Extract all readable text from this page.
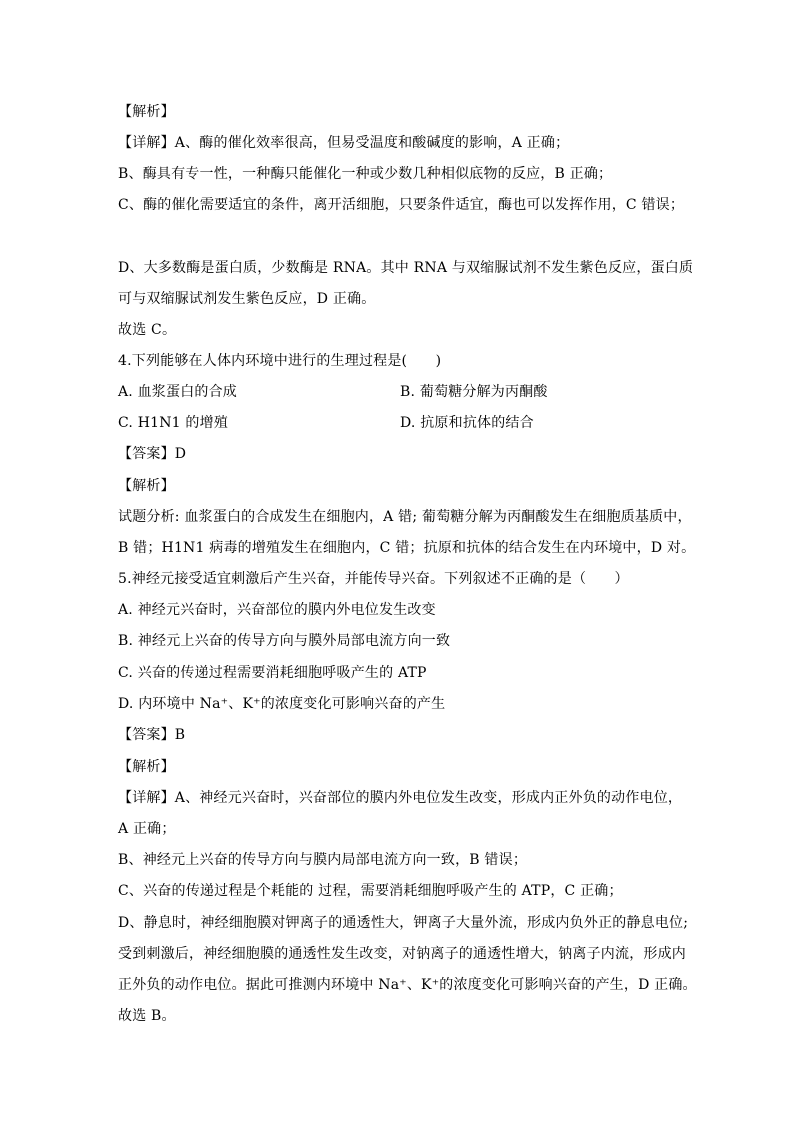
【解析】
【详解】A、酶的催化效率很高，但易受温度和酸碱度的影响，A 正确；
B、酶具有专一性，一种酶只能催化一种或少数几种相似底物的反应，B 正确；
C、酶的催化需要适宜的条件，离开活细胞，只要条件适宜，酶也可以发挥作用，C 错误；
D、大多数酶是蛋白质，少数酶是 RNA。其中 RNA 与双缩脲试剂不发生紫色反应，蛋白质
可与双缩脲试剂发生紫色反应，D 正确。
故选 C。
4.下列能够在人体内环境中进行的生理过程是(　　)
A. 血浆蛋白的合成	B. 葡萄糖分解为丙酮酸
C. H1N1 的增殖	D. 抗原和抗体的结合
【答案】D
【解析】
试题分析: 血浆蛋白的合成发生在细胞内，A 错; 葡萄糖分解为丙酮酸发生在细胞质基质中，
B 错；H1N1 病毒的增殖发生在细胞内，C 错；抗原和抗体的结合发生在内环境中，D 对。
5.神经元接受适宜刺激后产生兴奋，并能传导兴奋。下列叙述不正确的是（　　）
A. 神经元兴奋时，兴奋部位的膜内外电位发生改变
B. 神经元上兴奋的传导方向与膜外局部电流方向一致
C. 兴奋的传递过程需要消耗细胞呼吸产生的 ATP
D. 内环境中 Na⁺、K⁺的浓度变化可影响兴奋的产生
【答案】B
【解析】
【详解】A、神经元兴奋时，兴奋部位的膜内外电位发生改变，形成内正外负的动作电位，
A 正确；
B、神经元上兴奋的传导方向与膜内局部电流方向一致，B 错误；
C、兴奋的传递过程是个耗能的 过程，需要消耗细胞呼吸产生的 ATP，C 正确；
D、静息时，神经细胞膜对钾离子的通透性大，钾离子大量外流，形成内负外正的静息电位;
受到刺激后，神经细胞膜的通透性发生改变，对钠离子的通透性增大，钠离子内流，形成内
正外负的动作电位。据此可推测内环境中 Na⁺、K⁺的浓度变化可影响兴奋的产生，D 正确。
故选 B。
